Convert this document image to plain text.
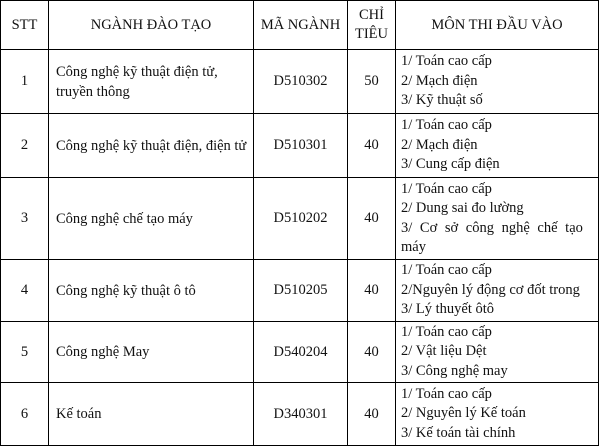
STT	NGÀNH ĐÀO TẠO	MÃ NGÀNH	CHỈ TIÊU	MÔN THI ĐẦU VÀO
1	Công nghệ kỹ thuật điện tử, truyền thông	D510302	50	1/ Toán cao cấp
2/ Mạch điện
3/ Kỹ thuật số

2	Công nghệ kỹ thuật điện, điện tử	D510301	40	1/ Toán cao cấp
2/ Mạch điện
3/ Cung cấp điện

3	Công nghệ chế tạo máy	D510202	40	1/ Toán cao cấp
2/ Dung sai đo lường
3/ Cơ sở công nghệ chế tạo máy

4	Công nghệ kỹ thuật ô tô	D510205	40	1/ Toán cao cấp
2/Nguyên lý động cơ đốt trong
3/ Lý thuyết ôtô

5	Công nghệ May	D540204	40	1/ Toán cao cấp
2/ Vật liệu Dệt
3/ Công nghệ may

6	Kế toán	D340301	40	1/ Toán cao cấp
2/ Nguyên lý Kế toán
3/ Kế toán tài chính
